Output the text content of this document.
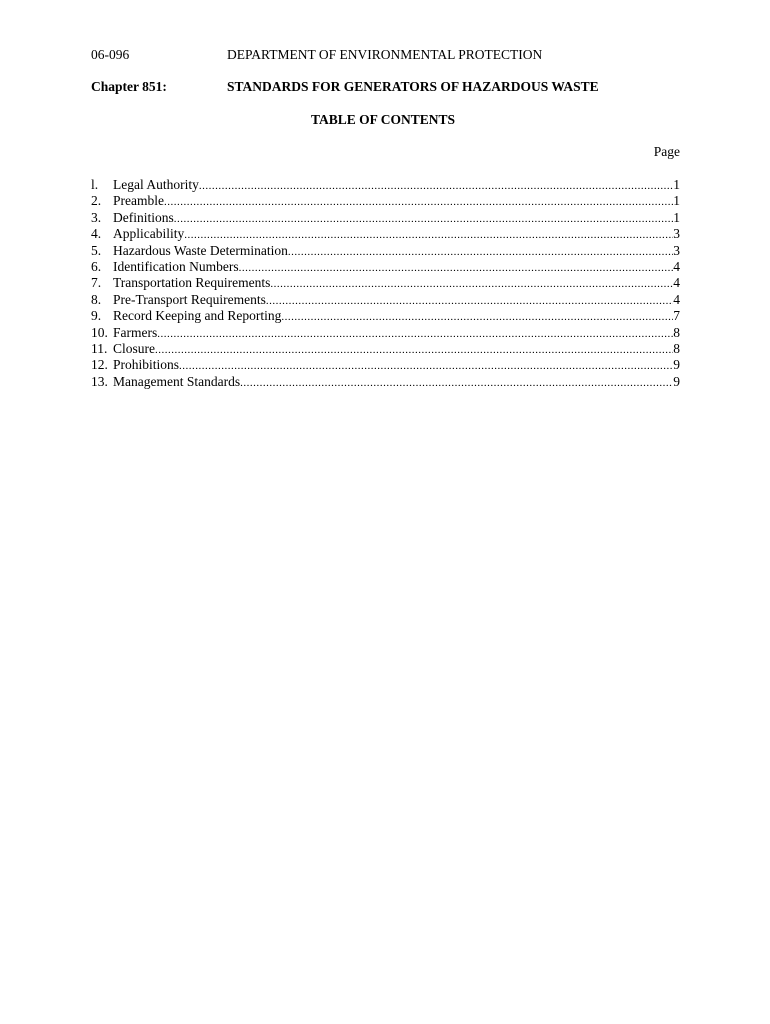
06-096	DEPARTMENT OF ENVIRONMENTAL PROTECTION
Chapter 851:	STANDARDS FOR GENERATORS OF HAZARDOUS WASTE
TABLE OF CONTENTS
Page
l.	Legal Authority .....	1
2. Preamble .....	1
3. Definitions .....	1
4. Applicability .....	3
5. Hazardous Waste Determination .....	3
6. Identification Numbers .....	4
7. Transportation Requirements .....	4
8. Pre-Transport Requirements .....	4
9. Record Keeping and Reporting .....	7
10. Farmers .....	8
11. Closure .....	8
12. Prohibitions .....	9
13. Management Standards .....	9
